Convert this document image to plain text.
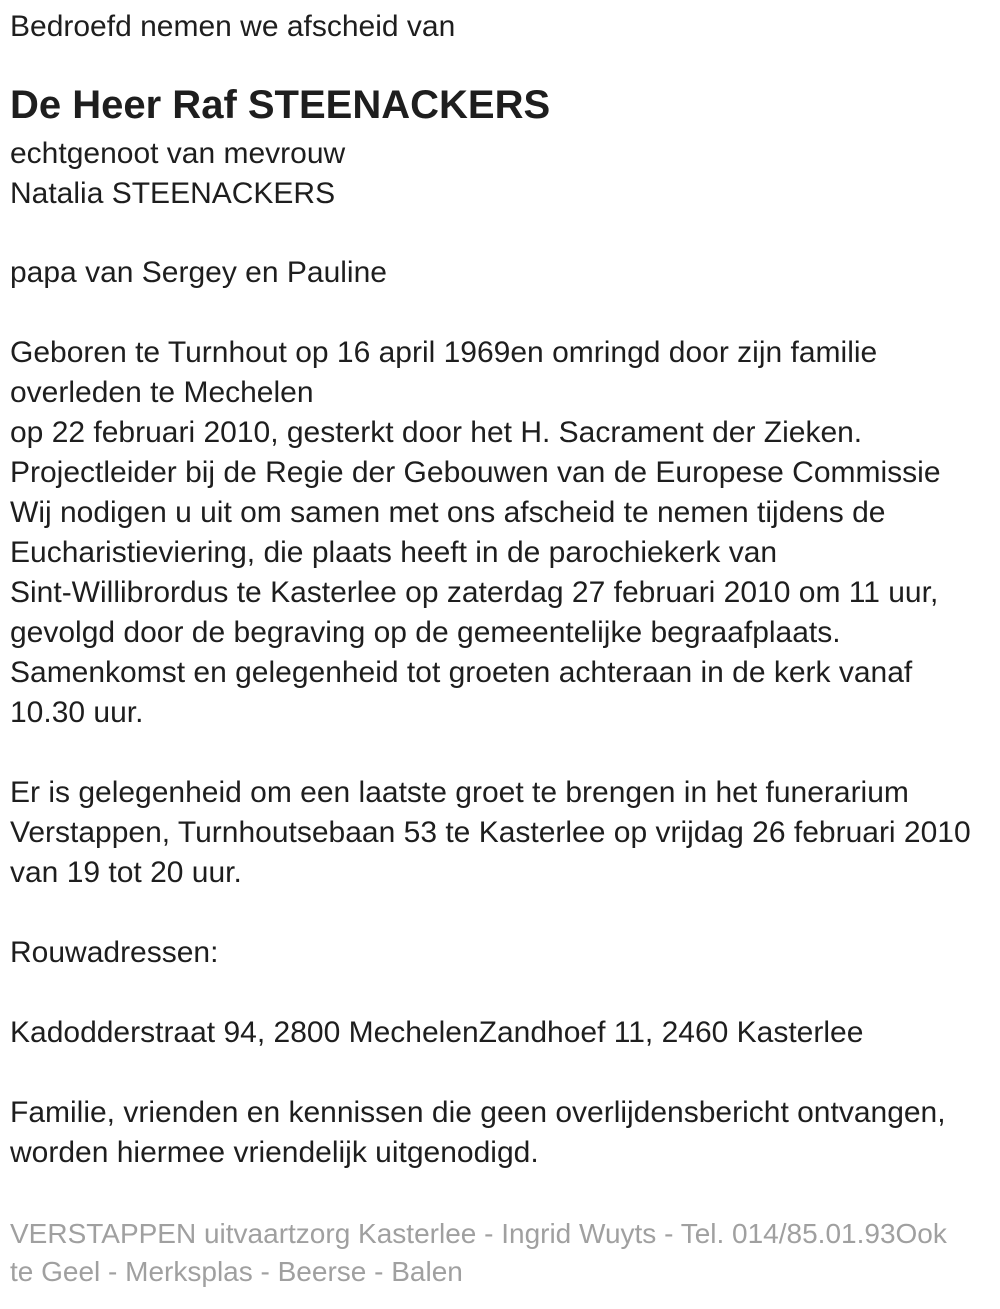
Bedroefd nemen we afscheid van
De Heer Raf STEENACKERS
echtgenoot van mevrouw
Natalia STEENACKERS
papa van Sergey en Pauline
Geboren te Turnhout op 16 april 1969en omringd door zijn familie
overleden te Mechelen
op 22 februari 2010, gesterkt door het H. Sacrament der Zieken.
Projectleider bij de Regie der Gebouwen van de Europese Commissie
Wij nodigen u uit om samen met ons afscheid te nemen tijdens de
Eucharistieviering, die plaats heeft in de parochiekerk van
Sint-Willibrordus te Kasterlee op zaterdag 27 februari 2010 om 11 uur,
gevolgd door de begraving op de gemeentelijke begraafplaats.
Samenkomst en gelegenheid tot groeten achteraan in de kerk vanaf
10.30 uur.
Er is gelegenheid om een laatste groet te brengen in het funerarium
Verstappen, Turnhoutsebaan 53 te Kasterlee op vrijdag 26 februari 2010
van 19 tot 20 uur.
Rouwadressen:
Kadodderstraat 94, 2800 MechelenZandhoef 11, 2460 Kasterlee
Familie, vrienden en kennissen die geen overlijdensbericht ontvangen,
worden hiermee vriendelijk uitgenodigd.
VERSTAPPEN uitvaartzorg Kasterlee - Ingrid Wuyts - Tel. 014/85.01.93Ook
te Geel - Merksplas - Beerse - Balen
